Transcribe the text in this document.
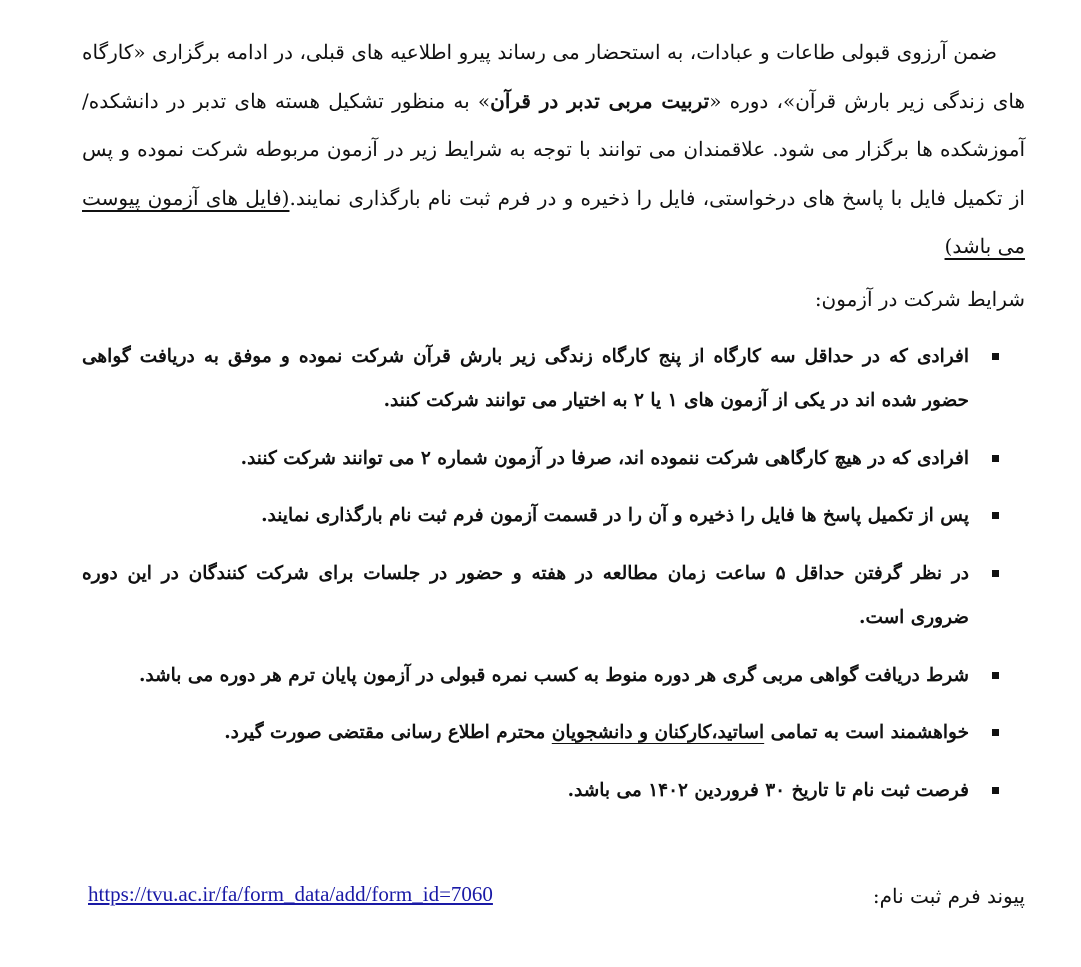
ضمن آرزوی قبولی طاعات و عبادات، به استحضار می رساند پیرو اطلاعیه های قبلی، در ادامه برگزاری «کارگاه های زندگی زیر بارش قرآن»، دوره «تربیت مربی تدبر در قرآن» به منظور تشکیل هسته های تدبر در دانشکده/آموزشکده ها برگزار می شود. علاقمندان می توانند با توجه به شرایط زیر در آزمون مربوطه شرکت نموده و پس از تکمیل فایل با پاسخ های درخواستی، فایل را ذخیره و در فرم ثبت نام بارگذاری نمایند.(فایل های آزمون پیوست می باشد)

شرایط شرکت در آزمون:
افرادی که در حداقل سه کارگاه از پنج کارگاه زندگی زیر بارش قرآن شرکت نموده و موفق به دریافت گواهی حضور شده اند در یکی از آزمون های ۱ یا ۲ به اختیار می توانند شرکت کنند.
افرادی که در هیچ کارگاهی شرکت ننموده اند، صرفا در آزمون شماره ۲ می توانند شرکت کنند.
پس از تکمیل پاسخ ها فایل را ذخیره و آن را در قسمت آزمون فرم ثبت نام بارگذاری نمایند.
در نظر گرفتن حداقل ۵ ساعت زمان مطالعه در هفته و حضور در جلسات برای شرکت کنندگان در این دوره ضروری است.
شرط دریافت گواهی مربی گری هر دوره منوط به کسب نمره قبولی در آزمون پایان ترم هر دوره می باشد.
خواهشمند است به تمامی اساتید،کارکنان و دانشجویان محترم اطلاع رسانی مقتضی صورت گیرد.
فرصت ثبت نام تا تاریخ ۳۰ فروردین ۱۴۰۲ می باشد.
پیوند فرم ثبت نام:
https://tvu.ac.ir/fa/form_data/add/form_id=7060
